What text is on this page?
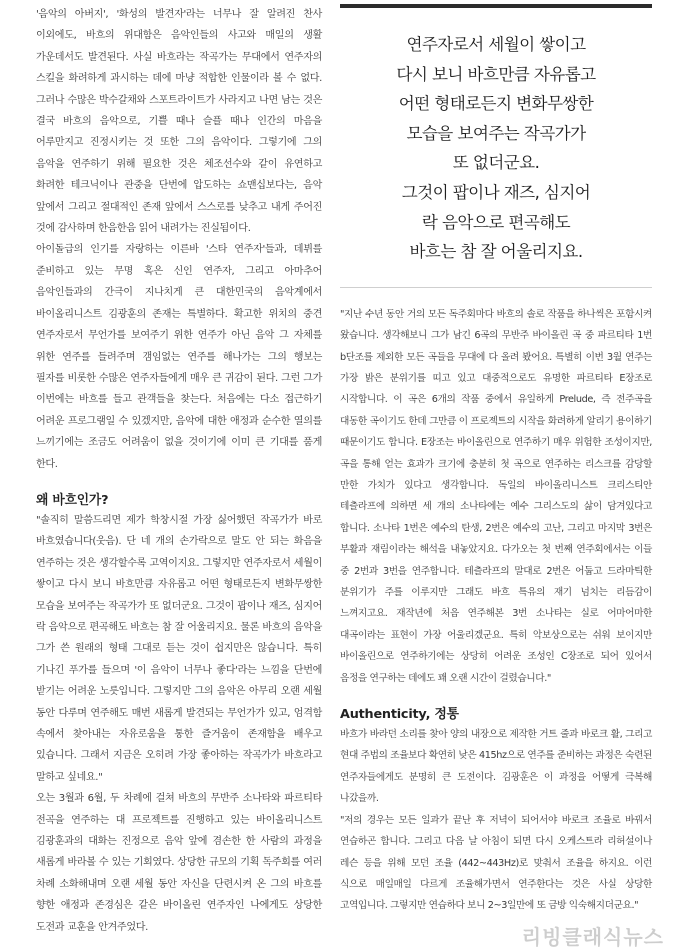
'음악의 아버지', '화성의 발견자'라는 너무나 잘 알려진 찬사 이외에도, 바흐의 위대함은 음악인들의 사고와 매일의 생활 가운데서도 발견된다. 사실 바흐라는 작곡가는 무대에서 연주자의 스킬을 화려하게 과시하는 데에 마냥 적합한 인물이라 볼 수 없다. 그러나 수많은 박수갈채와 스포트라이트가 사라지고 나면 남는 것은 결국 바흐의 음악으로, 기쁠 때나 슬플 때나 인간의 마음을 어루만지고 진정시키는 것 또한 그의 음악이다. 그렇기에 그의 음악을 연주하기 위해 필요한 것은 체조선수와 같이 유연하고 화려한 테크닉이나 관중을 단번에 압도하는 쇼맨십보다는, 음악 앞에서 그리고 절대적인 존재 앞에서 스스로를 낮추고 내게 주어진 것에 감사하며 한음한음 읽어 내려가는 진실됨이다.

아이돌급의 인기를 자랑하는 이른바 '스타 연주자'들과, 데뷔를 준비하고 있는 무명 혹은 신인 연주자, 그리고 아마추어 음악인들과의 간극이 지나치게 큰 대한민국의 음악계에서 바이올리니스트 김광훈의 존재는 특별하다. 확고한 위치의 중견 연주자로서 무언가를 보여주기 위한 연주가 아닌 음악 그 자체를 위한 연주를 들려주며 갬임없는 연주를 해나가는 그의 행보는 필자를 비롯한 수많은 연주자들에게 매우 큰 귀감이 된다. 그런 그가 이번에는 바흐를 들고 관객들을 찾는다. 처음에는 다소 접근하기 어려운 프로그램일 수 있겠지만, 음악에 대한 애정과 순수한 열의를 느끼기에는 조금도 어려움이 없을 것이기에 이미 큰 기대를 품게 한다.

왜 바흐인가?

"솔직히 말씀드리면 제가 학창시절 가장 싫어했던 작곡가가 바로 바흐였습니다(웃음). 단 네 개의 손가락으로 말도 안 되는 화음을 연주하는 것은 생각할수록 고역이지요. 그렇지만 연주자로서 세월이 쌓이고 다시 보니 바흐만큼 자유롭고 어떤 형태로든지 변화무쌍한 모습을 보여주는 작곡가가 또 없더군요. 그것이 팝이나 재즈, 심지어 락 음악으로 편곡해도 바흐는 참 잘 어울리지요. 물론 바흐의 음악을 그가 쓴 원래의 형태 그대로 듣는 것이 쉽지만은 않습니다. 특히 기나긴 푸가를 들으며 '이 음악이 너무나 좋다'라는 느낌을 단번에 받기는 어려운 노릇입니다. 그렇지만 그의 음악은 아무리 오랜 세월 동안 다루며 연주해도 매번 새롭게 발견되는 무언가가 있고, 엄격함 속에서 찾아내는 자유로움을 통한 즐거움이 존재함을 배우고 있습니다. 그래서 지금은 오히려 가장 좋아하는 작곡가가 바흐라고 말하고 싶네요."

오는 3월과 6월, 두 차례에 걸쳐 바흐의 무반주 소나타와 파르티타 전곡을 연주하는 대 프로젝트를 진행하고 있는 바이올리니스트 김광훈과의 대화는 진정으로 음악 앞에 겸손한 한 사람의 과정을 새롭게 바라볼 수 있는 기회였다. 상당한 규모의 기획 독주회를 여러 차례 소화해내며 오랜 세월 동안 자신을 단련시켜 온 그의 바흐를 향한 애정과 존경심은 같은 바이올린 연주자인 나에게도 상당한 도전과 교훈을 안겨주었다.

연주자로서 세월이 쌓이고
다시 보니 바흐만큼 자유롭고
어떤 형태로든지 변화무쌍한
모습을 보여주는 작곡가가
또 없더군요.
그것이 팝이나 재즈, 심지어
락 음악으로 편곡해도
바흐는 참 잘 어울리지요.

"지난 수년 동안 거의 모든 독주회마다 바흐의 솔로 작품을 하나씩은 포함시켜 왔습니다. 생각해보니 그가 남긴 6곡의 무반주 바이올린 곡 중 파르티타 1번 b단조를 제외한 모든 곡들을 무대에 다 올려 봤어요. 특별히 이번 3월 연주는 가장 밝은 분위기를 띠고 있고 대중적으로도 유명한 파르티타 E장조로 시작합니다. 이 곡은 6개의 작품 중에서 유일하게 Prelude, 즉 전주곡을 대동한 곡이기도 한데 그만큼 이 프로젝트의 시작을 화려하게 알리기 용이하기 때문이기도 합니다. E장조는 바이올린으로 연주하기 매우 위험한 조성이지만, 곡을 통해 얻는 효과가 크기에 충분히 첫 곡으로 연주하는 리스크를 감당할 만한 가치가 있다고 생각합니다. 독일의 바이올리니스트 크리스티안 테츨라프에 의하면 세 개의 소나타에는 예수 그리스도의 삶이 담겨있다고 합니다. 소나타 1번은 예수의 탄생, 2번은 예수의 고난, 그리고 마지막 3번은 부활과 재림이라는 해석을 내놓았지요. 다가오는 첫 번째 연주회에서는 이들 중 2번과 3번을 연주합니다. 테츨라프의 말대로 2번은 어둡고 드라마틱한 분위기가 주를 이루지만 그래도 바흐 특유의 재기 넘치는 리듬감이 느껴지고요. 재작년에 처음 연주해본 3번 소나타는 실로 어마어마한 대곡이라는 표현이 가장 어울리겠군요. 특히 악보상으로는 쉬워 보이지만 바이올린으로 연주하기에는 상당히 어려운 조성인 C장조로 되어 있어서 음정을 연구하는 데에도 꽤 오랜 시간이 걸렸습니다."

Authenticity, 정통

바흐가 바라던 소리를 찾아 양의 내장으로 제작한 거트 줄과 바로크 활, 그리고 현대 주법의 조율보다 확연히 낮은 415hz으로 연주를 준비하는 과정은 숙련된 연주자들에게도 분명히 큰 도전이다. 김광훈은 이 과정을 어떻게 극복해 나갔을까.

"저의 경우는 모든 일과가 끝난 후 저녁이 되어서야 바로크 조율로 바꿔서 연습하곤 합니다. 그리고 다음 날 아침이 되면 다시 오케스트라 리허설이나 레슨 등을 위해 모던 조율 (442~443Hz)로 맞춰서 조율을 하지요. 이런 식으로 매일매일 다르게 조율해가면서 연주한다는 것은 사실 상당한 고역입니다. 그렇지만 연습하다 보니 2~3일만에 또 금방 익숙해지더군요."

리빙클래식뉴스
